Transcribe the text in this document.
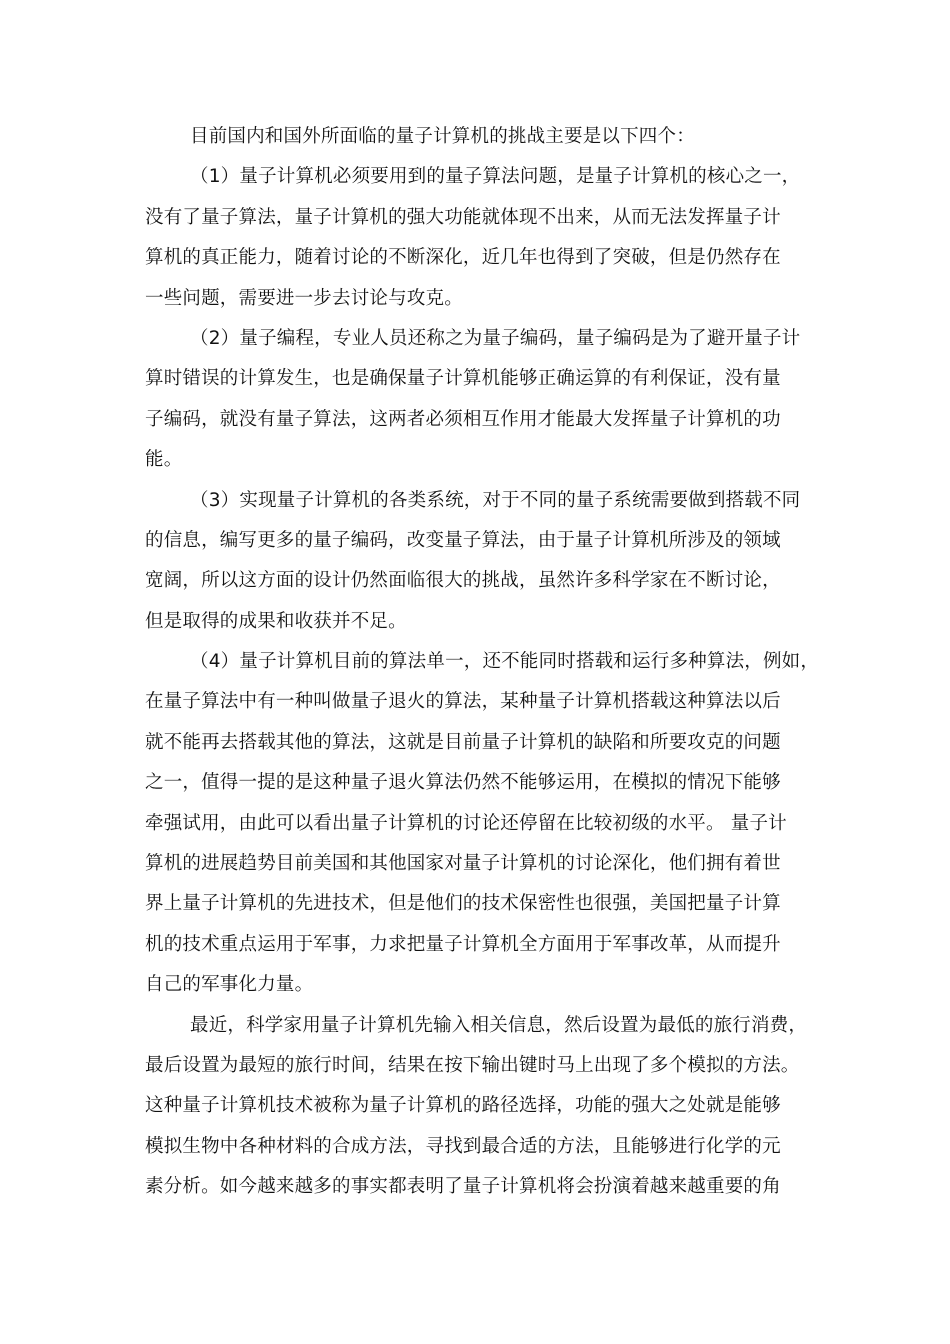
目前国内和国外所面临的量子计算机的挑战主要是以下四个：
（1）量子计算机必须要用到的量子算法问题，是量子计算机的核心之一，
没有了量子算法，量子计算机的强大功能就体现不出来，从而无法发挥量子计
算机的真正能力，随着讨论的不断深化，近几年也得到了突破，但是仍然存在
一些问题，需要进一步去讨论与攻克。
（2）量子编程，专业人员还称之为量子编码，量子编码是为了避开量子计
算时错误的计算发生，也是确保量子计算机能够正确运算的有利保证，没有量
子编码，就没有量子算法，这两者必须相互作用才能最大发挥量子计算机的功
能。
（3）实现量子计算机的各类系统，对于不同的量子系统需要做到搭载不同
的信息，编写更多的量子编码，改变量子算法，由于量子计算机所涉及的领域
宽阔，所以这方面的设计仍然面临很大的挑战，虽然许多科学家在不断讨论，
但是取得的成果和收获并不足。
（4）量子计算机目前的算法单一，还不能同时搭载和运行多种算法，例如，
在量子算法中有一种叫做量子退火的算法，某种量子计算机搭载这种算法以后
就不能再去搭载其他的算法，这就是目前量子计算机的缺陷和所要攻克的问题
之一，值得一提的是这种量子退火算法仍然不能够运用，在模拟的情况下能够
牵强试用，由此可以看出量子计算机的讨论还停留在比较初级的水平。 量子计
算机的进展趋势目前美国和其他国家对量子计算机的讨论深化，他们拥有着世
界上量子计算机的先进技术，但是他们的技术保密性也很强，美国把量子计算
机的技术重点运用于军事，力求把量子计算机全方面用于军事改革，从而提升
自己的军事化力量。
最近，科学家用量子计算机先输入相关信息，然后设置为最低的旅行消费，
最后设置为最短的旅行时间，结果在按下输出键时马上出现了多个模拟的方法。
这种量子计算机技术被称为量子计算机的路径选择，功能的强大之处就是能够
模拟生物中各种材料的合成方法，寻找到最合适的方法，且能够进行化学的元
素分析。如今越来越多的事实都表明了量子计算机将会扮演着越来越重要的角
